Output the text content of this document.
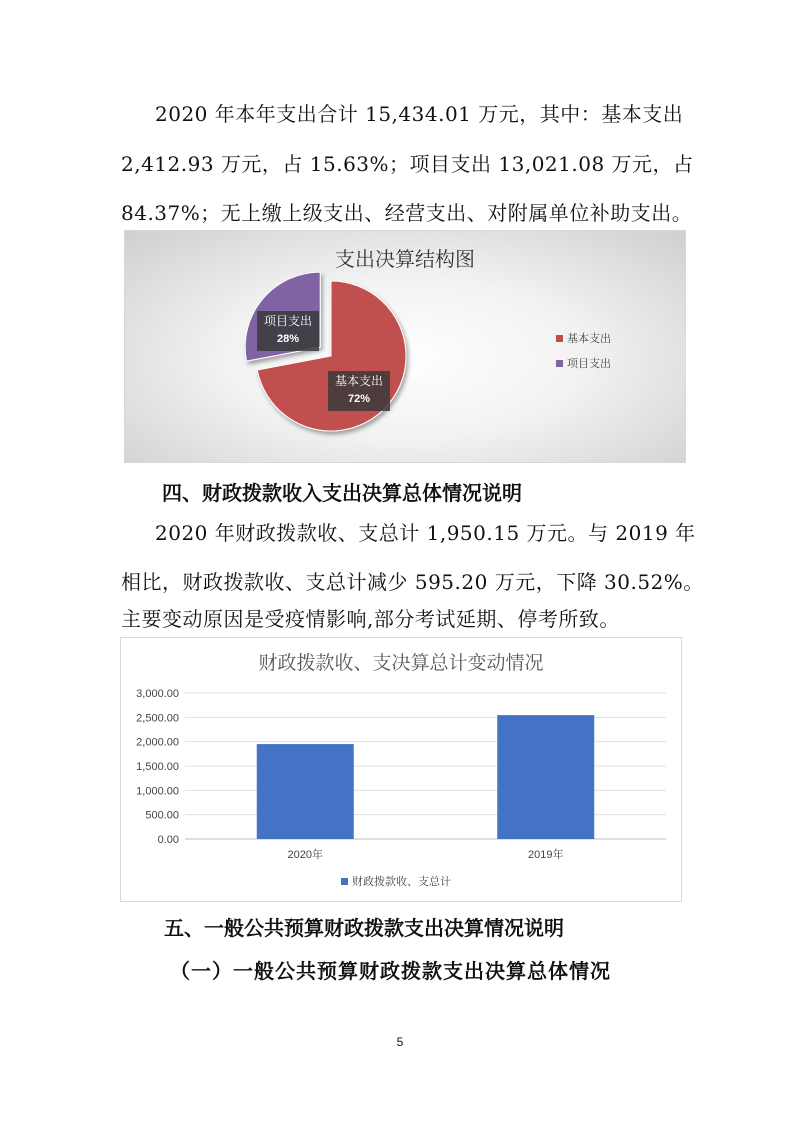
2020 年本年支出合计 15,434.01 万元，其中：基本支出
2,412.93 万元，占 15.63%；项目支出 13,021.08 万元，占
84.37%；无上缴上级支出、经营支出、对附属单位补助支出。
支出决算结构图
项目支出
28%
基本支出
72%
基本支出
项目支出
四、财政拨款收入支出决算总体情况说明
2020 年财政拨款收、支总计 1,950.15 万元。与 2019 年
相比，财政拨款收、支总计减少 595.20 万元，下降 30.52%。
主要变动原因是受疫情影响,部分考试延期、停考所致。
财政拨款收、支决算总计变动情况
0.00
500.00
1,000.00
1,500.00
2,000.00
2,500.00
3,000.00
2020年	2019年
财政拨款收、支总计
五、一般公共预算财政拨款支出决算情况说明
（一）一般公共预算财政拨款支出决算总体情况
5
